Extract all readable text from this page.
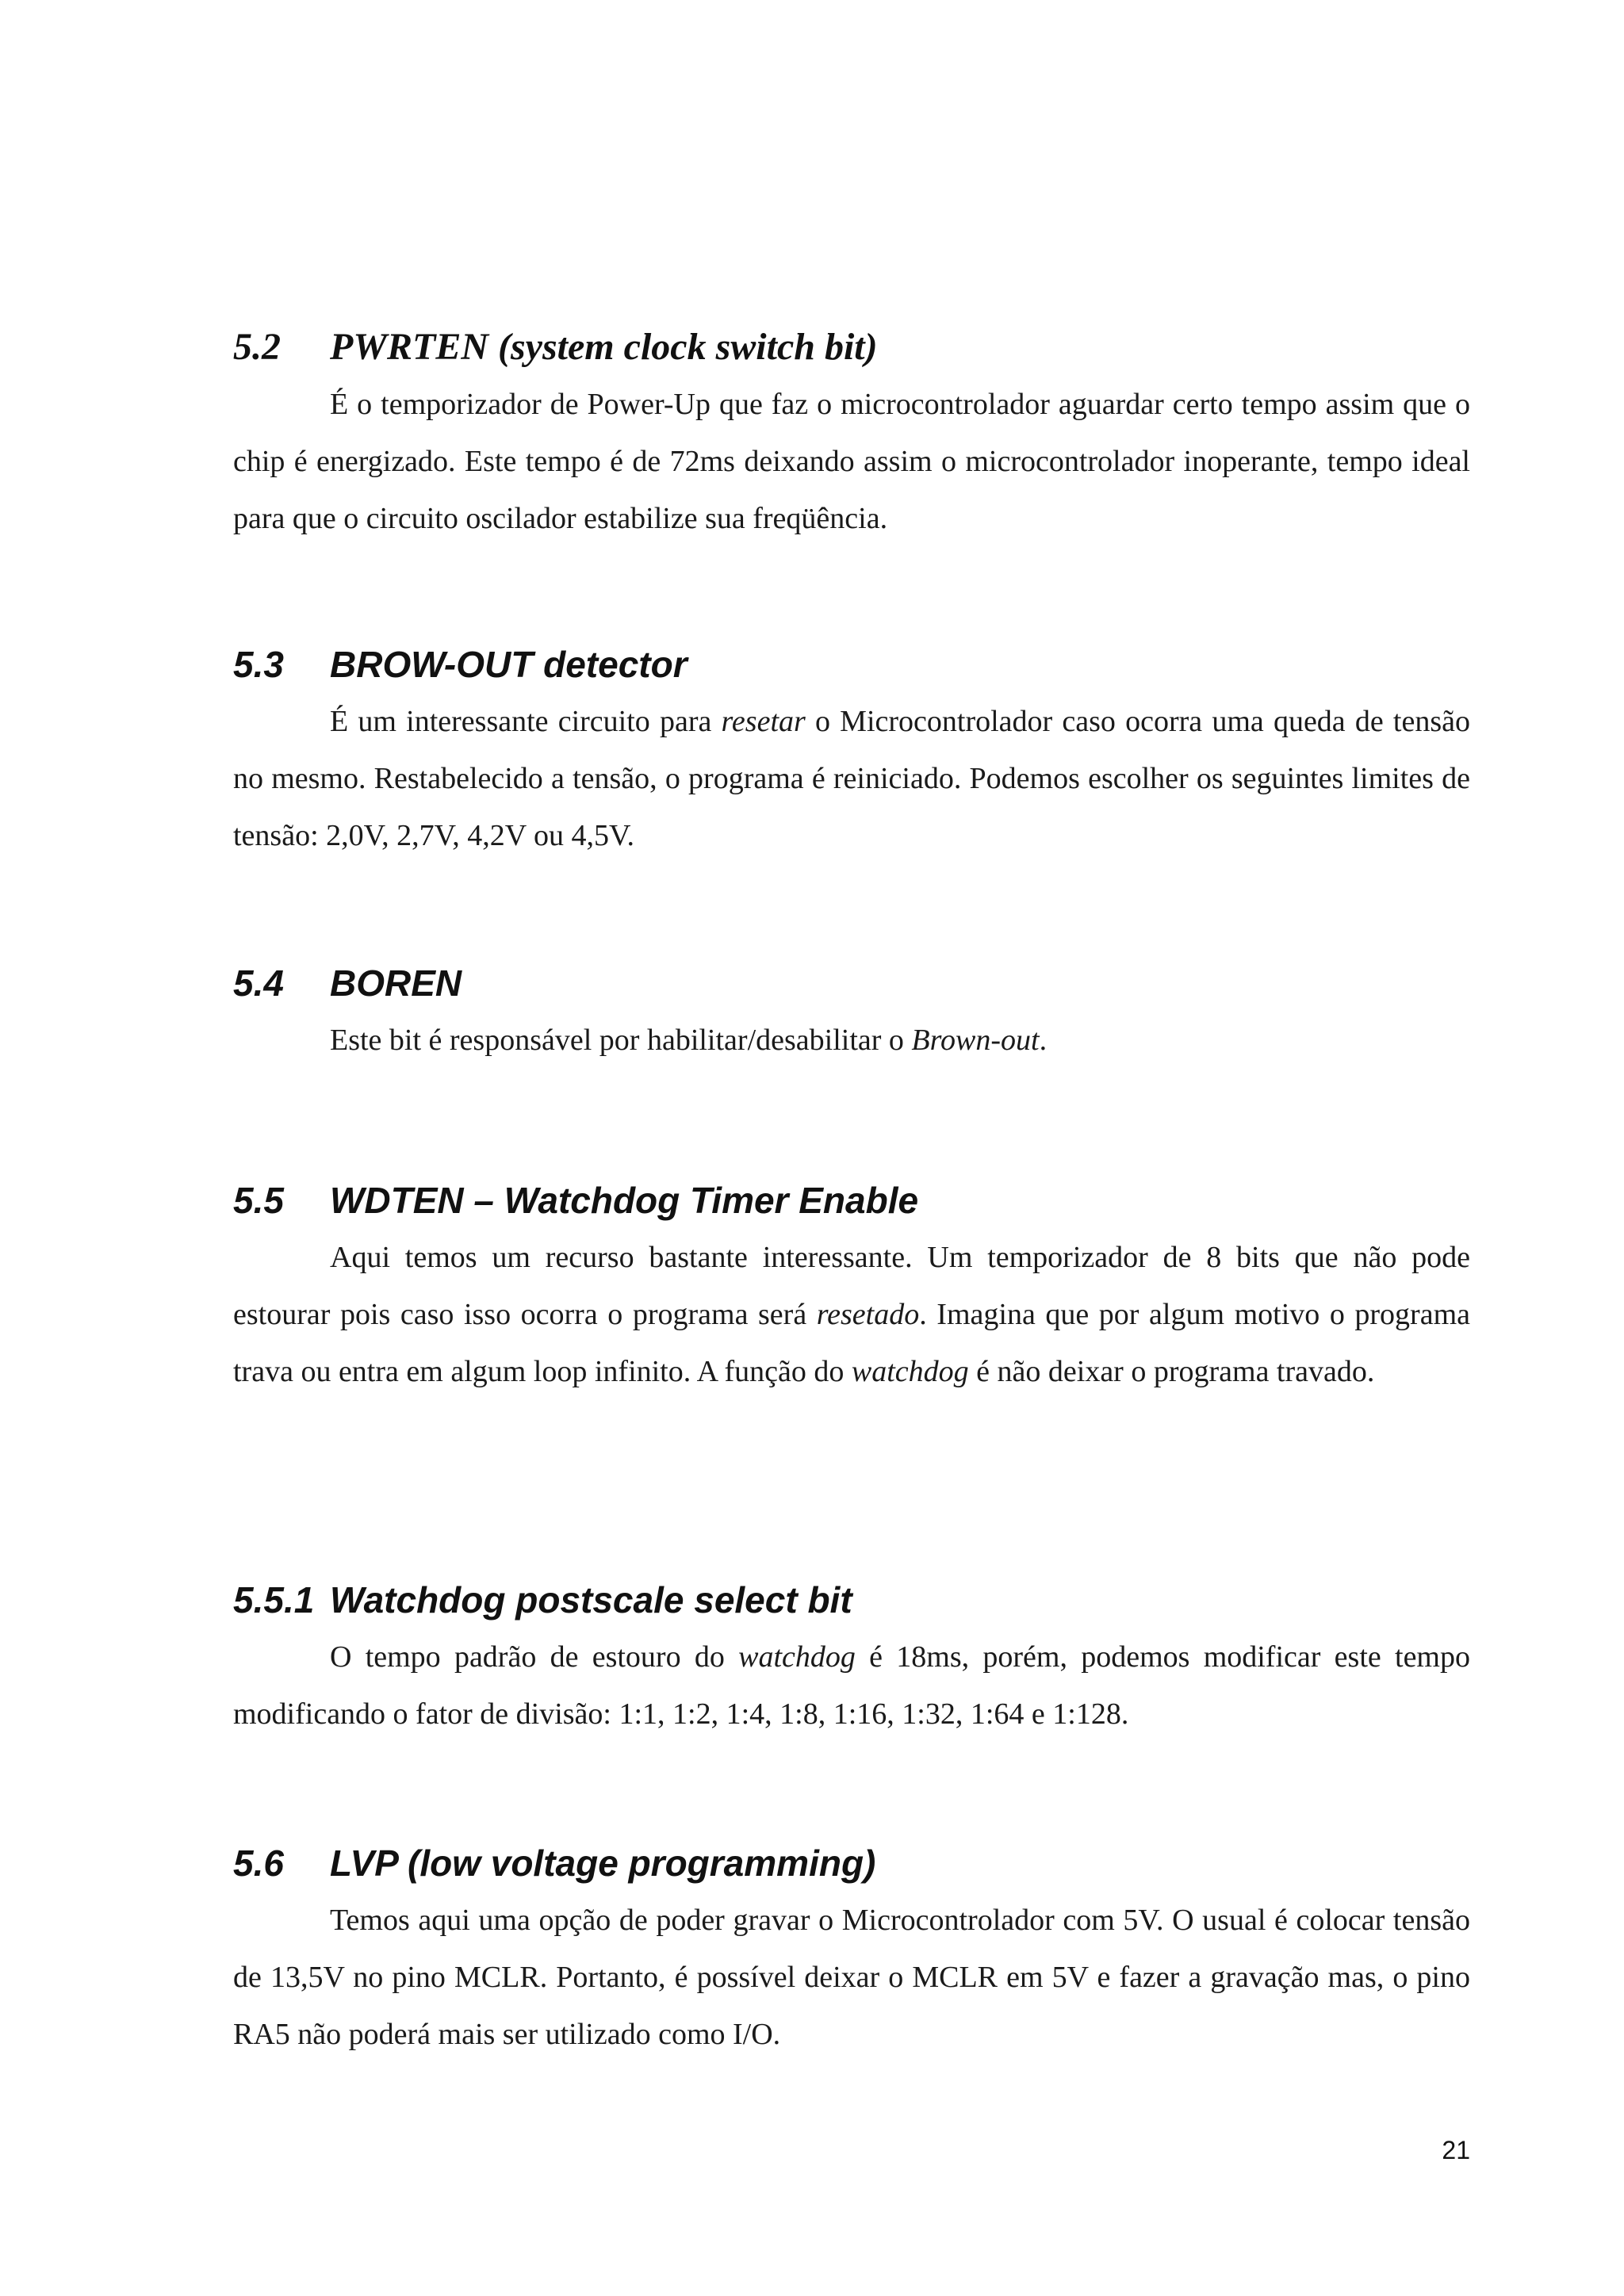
5.2	PWRTEN (system clock switch bit)

É o temporizador de Power-Up que faz o microcontrolador aguardar certo tempo assim que o chip é energizado. Este tempo é de 72ms deixando assim o microcontrolador inoperante, tempo ideal para que o circuito oscilador estabilize sua freqüência.

5.3	BROW-OUT detector

É um interessante circuito para resetar o Microcontrolador caso ocorra uma queda de tensão no mesmo. Restabelecido a tensão, o programa é reiniciado. Podemos escolher os seguintes limites de tensão: 2,0V, 2,7V, 4,2V ou 4,5V.

5.4	BOREN

Este bit é responsável por habilitar/desabilitar o Brown-out.

5.5	WDTEN – Watchdog Timer Enable

Aqui temos um recurso bastante interessante. Um temporizador de 8 bits que não pode estourar pois caso isso ocorra o programa será resetado. Imagina que por algum motivo o programa trava ou entra em algum loop infinito. A função do watchdog é não deixar o programa travado.

5.5.1 Watchdog postscale select bit

O tempo padrão de estouro do watchdog é 18ms, porém, podemos modificar este tempo modificando o fator de divisão: 1:1, 1:2, 1:4, 1:8, 1:16, 1:32, 1:64 e 1:128.

5.6	LVP (low voltage programming)

Temos aqui uma opção de poder gravar o Microcontrolador com 5V. O usual é colocar tensão de 13,5V no pino MCLR. Portanto, é possível deixar o MCLR em 5V e fazer a gravação mas, o pino RA5 não poderá mais ser utilizado como I/O.

21
